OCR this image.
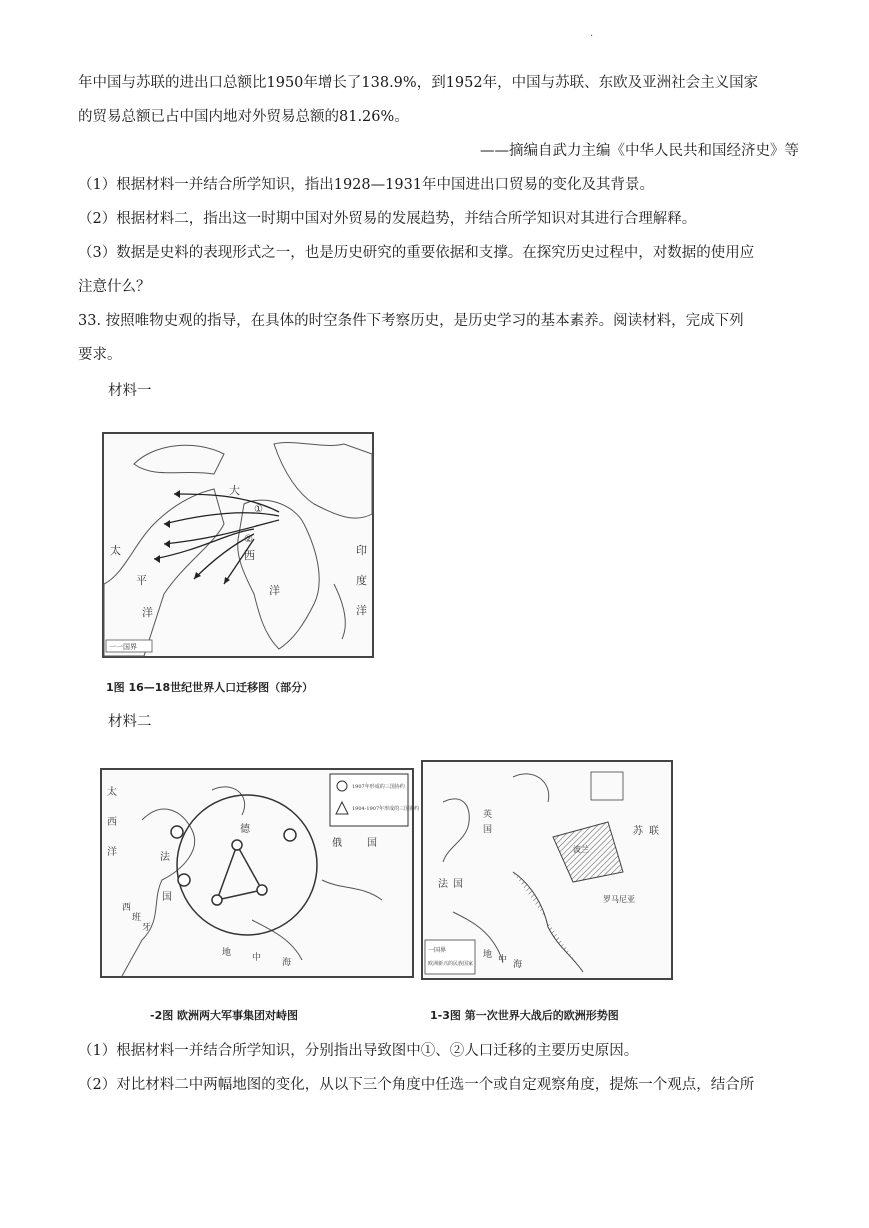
.
年中国与苏联的进出口总额比1950年增长了138.9%，到1952年，中国与苏联、东欧及亚洲社会主义国家
的贸易总额已占中国内地对外贸易总额的81.26%。
——摘编自武力主编《中华人民共和国经济史》等
（1）根据材料一并结合所学知识，指出1928—1931年中国进出口贸易的变化及其背景。
（2）根据材料二，指出这一时期中国对外贸易的发展趋势，并结合所学知识对其进行合理解释。
（3）数据是史料的表现形式之一，也是历史研究的重要依据和支撑。在探究历史过程中，对数据的使用应
注意什么？
33. 按照唯物史观的指导，在具体的时空条件下考察历史，是历史学习的基本素养。阅读材料，完成下列
要求。
材料一
大
西
太
平
洋
印
度
洋
洋
①
②
一一国界
1图 16—18世纪世界人口迁移图（部分）
材料二
1907年形成的三国协约
1904-1907年形成的三国协约
太
西
洋	法
国
德
俄	国
西
班
牙
地 中 海
-2图 欧洲两大军事集团对峙图
英
国
法 国
苏 联
波兰
罗马尼亚
地 中 海
一国界
欧洲新兴的民族国家
1-3图 第一次世界大战后的欧洲形势图
（1）根据材料一并结合所学知识，分别指出导致图中①、②人口迁移的主要历史原因。
（2）对比材料二中两幅地图的变化，从以下三个角度中任选一个或自定观察角度，提炼一个观点，结合所
